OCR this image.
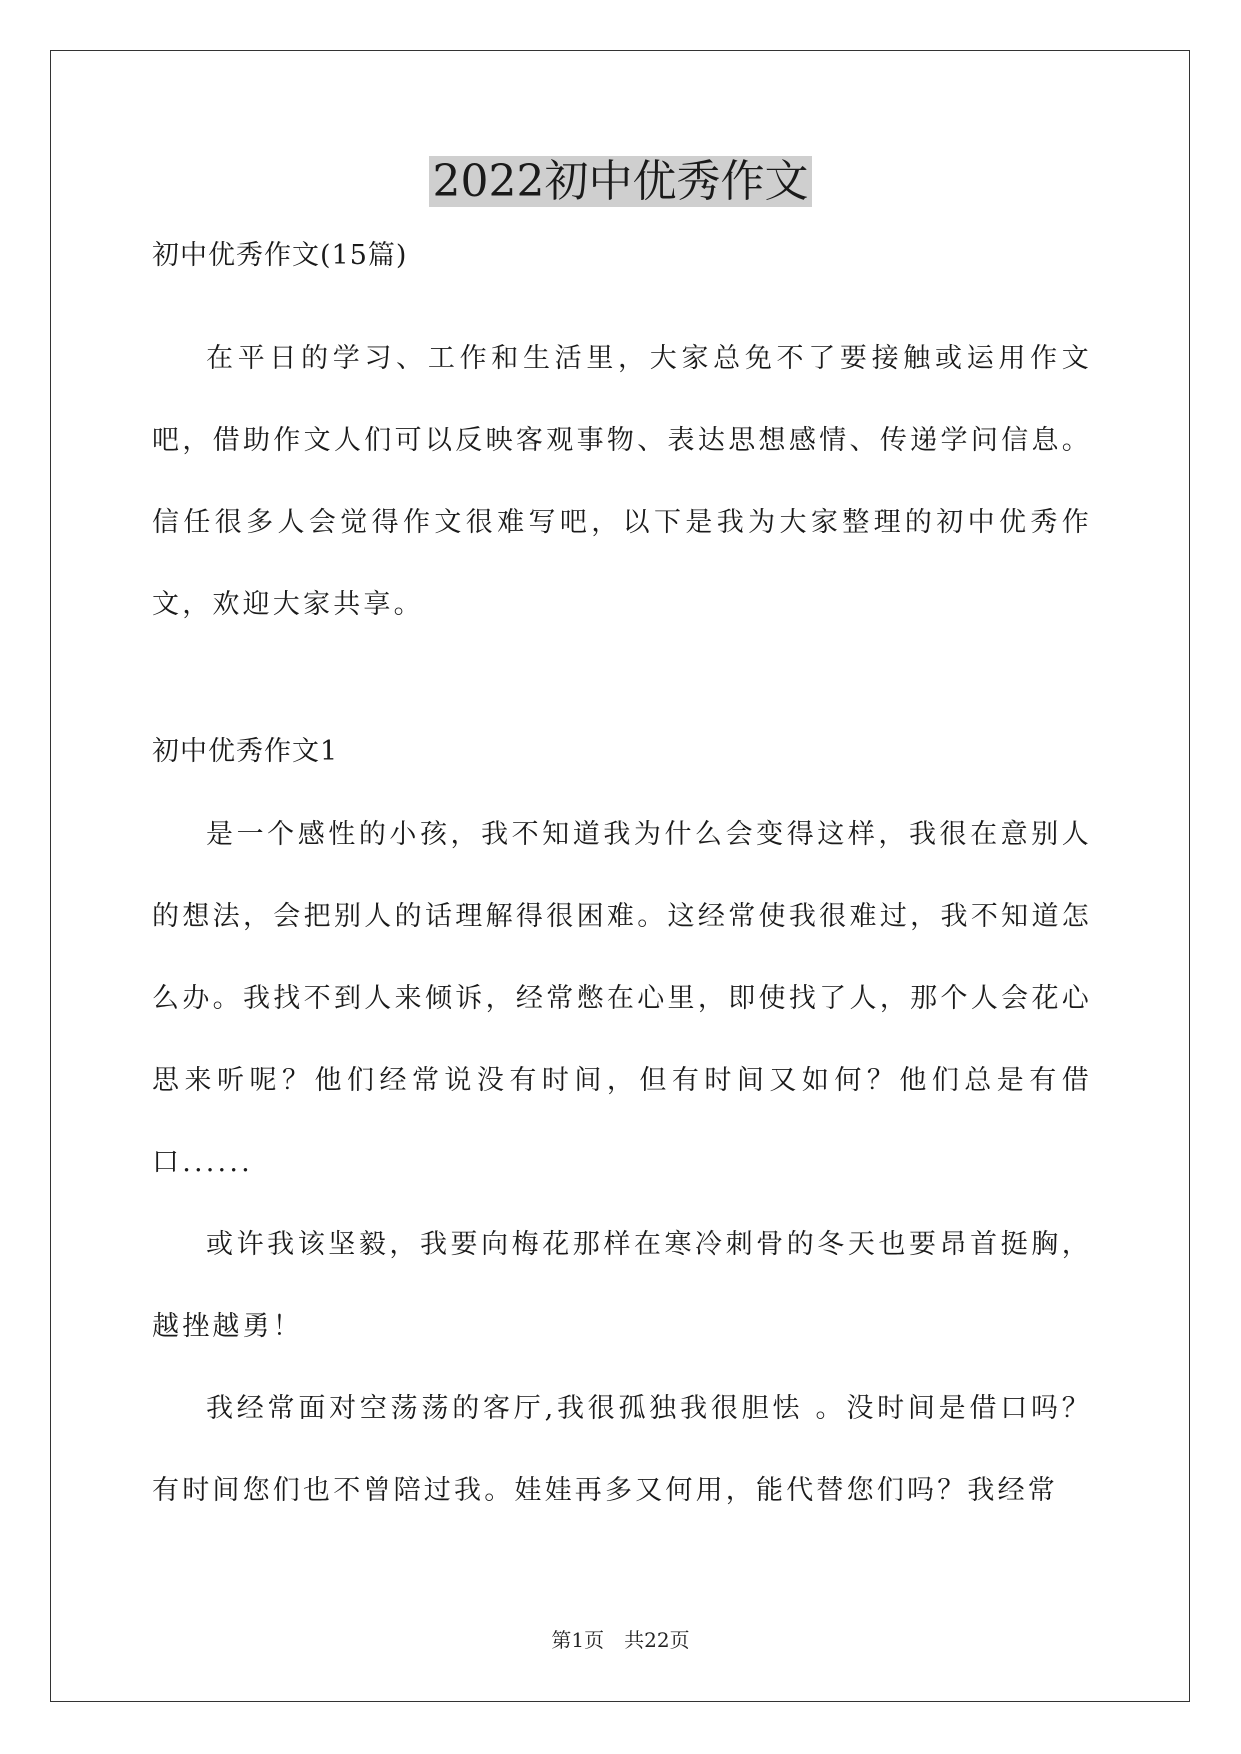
2022初中优秀作文

初中优秀作文(15篇)

在平日的学习、工作和生活里，大家总免不了要接触或运用作文吧，借助作文人们可以反映客观事物、表达思想感情、传递学问信息。信任很多人会觉得作文很难写吧，以下是我为大家整理的初中优秀作文，欢迎大家共享。

初中优秀作文1

是一个感性的小孩，我不知道我为什么会变得这样，我很在意别人的想法，会把别人的话理解得很困难。这经常使我很难过，我不知道怎么办。我找不到人来倾诉，经常憋在心里，即使找了人，那个人会花心思来听呢？他们经常说没有时间，但有时间又如何？他们总是有借口......

或许我该坚毅，我要向梅花那样在寒冷刺骨的冬天也要昂首挺胸，越挫越勇！

我经常面对空荡荡的客厅,我很孤独我很胆怯 。没时间是借口吗？有时间您们也不曾陪过我。娃娃再多又何用，能代替您们吗？我经常

第1页　共22页
